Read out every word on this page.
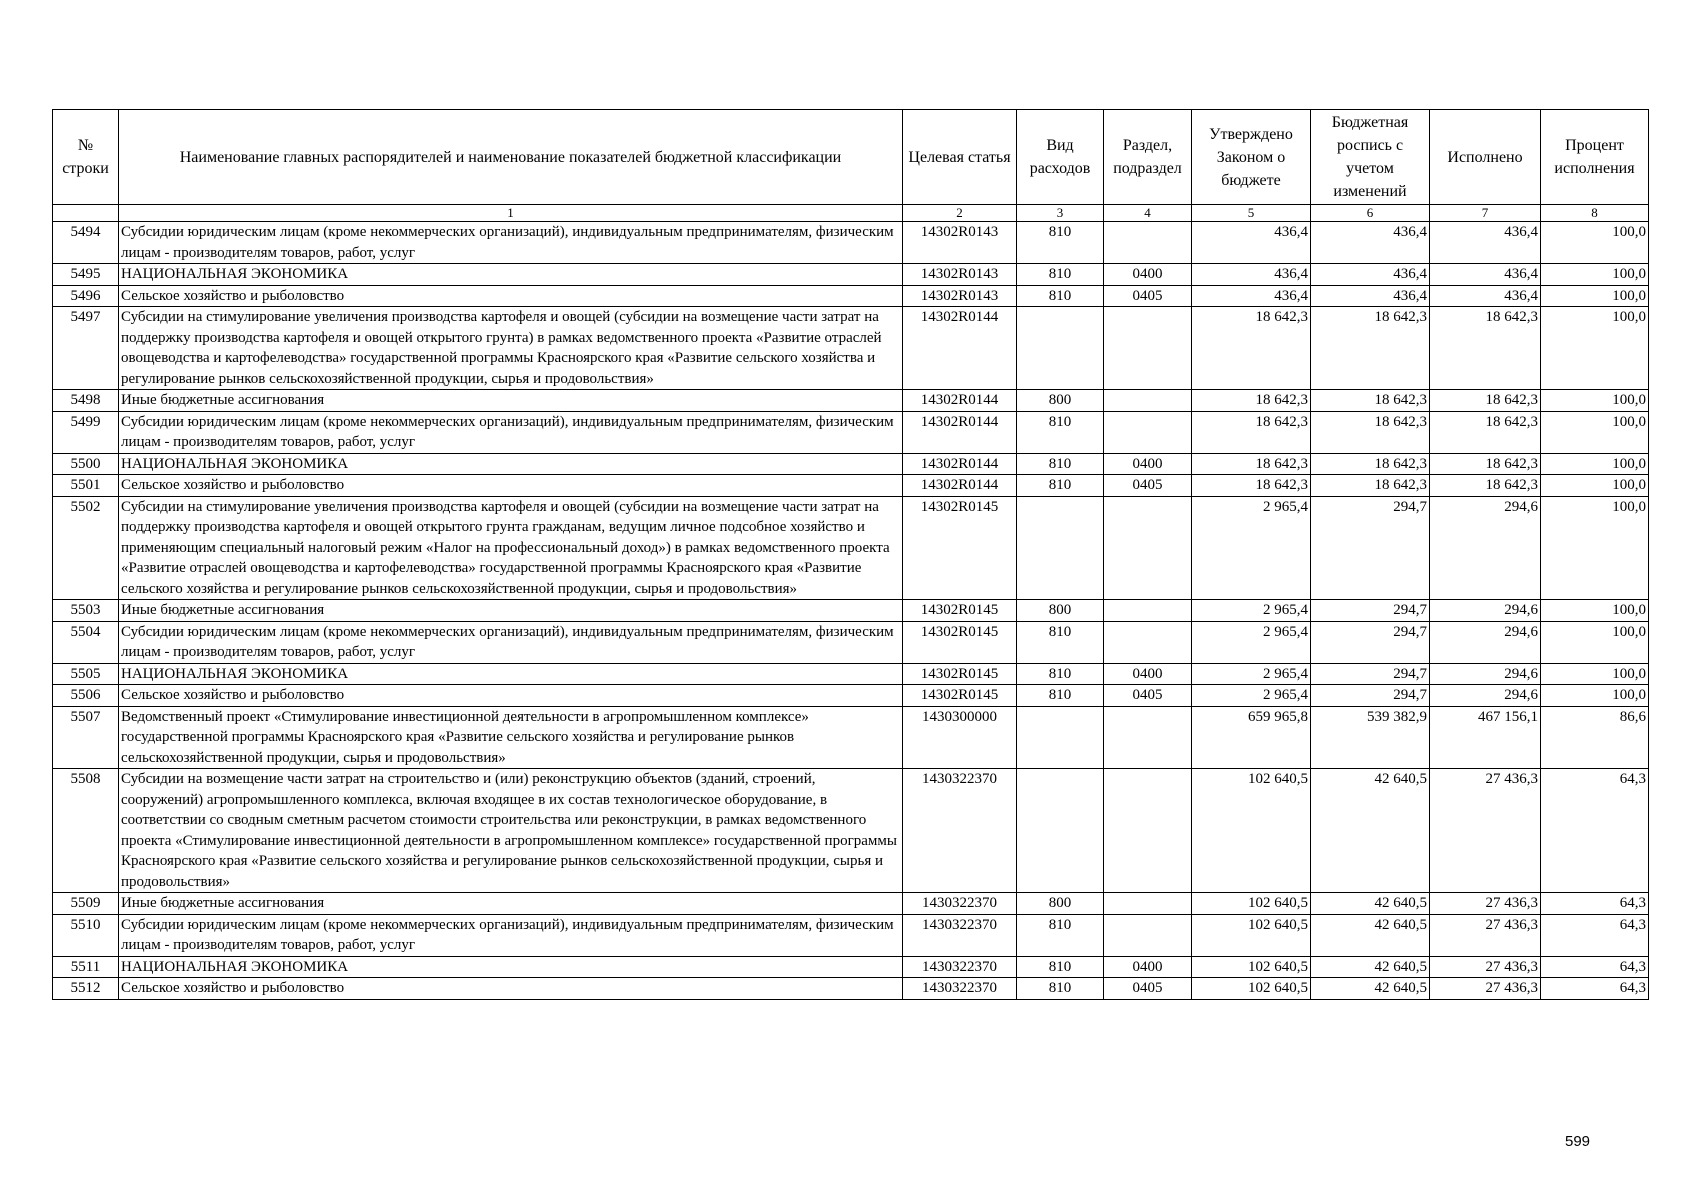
№ строки	Наименование главных распорядителей и наименование показателей бюджетной классификации	Целевая статья	Вид расходов	Раздел, подраздел	Утверждено Законом о бюджете	Бюджетная роспись с учетом изменений	Исполнено	Процент исполнения
	1	2	3	4	5	6	7	8
5494	Субсидии юридическим лицам (кроме некоммерческих организаций), индивидуальным предпринимателям, физическим лицам - производителям товаров, работ, услуг	14302R0143	810		436,4	436,4	436,4	100,0
5495	НАЦИОНАЛЬНАЯ ЭКОНОМИКА	14302R0143	810	0400	436,4	436,4	436,4	100,0
5496	Сельское хозяйство и рыболовство	14302R0143	810	0405	436,4	436,4	436,4	100,0
5497	Субсидии на стимулирование увеличения производства картофеля и овощей (субсидии на возмещение части затрат на поддержку производства картофеля и овощей открытого грунта) в рамках ведомственного проекта «Развитие отраслей овощеводства и картофелеводства» государственной программы Красноярского края «Развитие сельского хозяйства и регулирование рынков сельскохозяйственной продукции, сырья и продовольствия»	14302R0144			18 642,3	18 642,3	18 642,3	100,0
5498	Иные бюджетные ассигнования	14302R0144	800		18 642,3	18 642,3	18 642,3	100,0
5499	Субсидии юридическим лицам (кроме некоммерческих организаций), индивидуальным предпринимателям, физическим лицам - производителям товаров, работ, услуг	14302R0144	810		18 642,3	18 642,3	18 642,3	100,0
5500	НАЦИОНАЛЬНАЯ ЭКОНОМИКА	14302R0144	810	0400	18 642,3	18 642,3	18 642,3	100,0
5501	Сельское хозяйство и рыболовство	14302R0144	810	0405	18 642,3	18 642,3	18 642,3	100,0
5502	Субсидии на стимулирование увеличения производства картофеля и овощей (субсидии на возмещение части затрат на поддержку производства картофеля и овощей открытого грунта гражданам, ведущим личное подсобное хозяйство и применяющим специальный налоговый режим «Налог на профессиональный доход») в рамках ведомственного проекта «Развитие отраслей овощеводства и картофелеводства» государственной программы Красноярского края «Развитие сельского хозяйства и регулирование рынков сельскохозяйственной продукции, сырья и продовольствия»	14302R0145			2 965,4	294,7	294,6	100,0
5503	Иные бюджетные ассигнования	14302R0145	800		2 965,4	294,7	294,6	100,0
5504	Субсидии юридическим лицам (кроме некоммерческих организаций), индивидуальным предпринимателям, физическим лицам - производителям товаров, работ, услуг	14302R0145	810		2 965,4	294,7	294,6	100,0
5505	НАЦИОНАЛЬНАЯ ЭКОНОМИКА	14302R0145	810	0400	2 965,4	294,7	294,6	100,0
5506	Сельское хозяйство и рыболовство	14302R0145	810	0405	2 965,4	294,7	294,6	100,0
5507	Ведомственный проект «Стимулирование инвестиционной деятельности в агропромышленном комплексе» государственной программы Красноярского края «Развитие сельского хозяйства и регулирование рынков сельскохозяйственной продукции, сырья и продовольствия»	1430300000			659 965,8	539 382,9	467 156,1	86,6
5508	Субсидии на возмещение части затрат на строительство и (или) реконструкцию объектов (зданий, строений, сооружений) агропромышленного комплекса, включая входящее в их состав технологическое оборудование, в соответствии со сводным сметным расчетом стоимости строительства или реконструкции, в рамках ведомственного проекта «Стимулирование инвестиционной деятельности в агропромышленном комплексе» государственной программы Красноярского края «Развитие сельского хозяйства и регулирование рынков сельскохозяйственной продукции, сырья и продовольствия»	1430322370			102 640,5	42 640,5	27 436,3	64,3
5509	Иные бюджетные ассигнования	1430322370	800		102 640,5	42 640,5	27 436,3	64,3
5510	Субсидии юридическим лицам (кроме некоммерческих организаций), индивидуальным предпринимателям, физическим лицам - производителям товаров, работ, услуг	1430322370	810		102 640,5	42 640,5	27 436,3	64,3
5511	НАЦИОНАЛЬНАЯ ЭКОНОМИКА	1430322370	810	0400	102 640,5	42 640,5	27 436,3	64,3
5512	Сельское хозяйство и рыболовство	1430322370	810	0405	102 640,5	42 640,5	27 436,3	64,3
599
